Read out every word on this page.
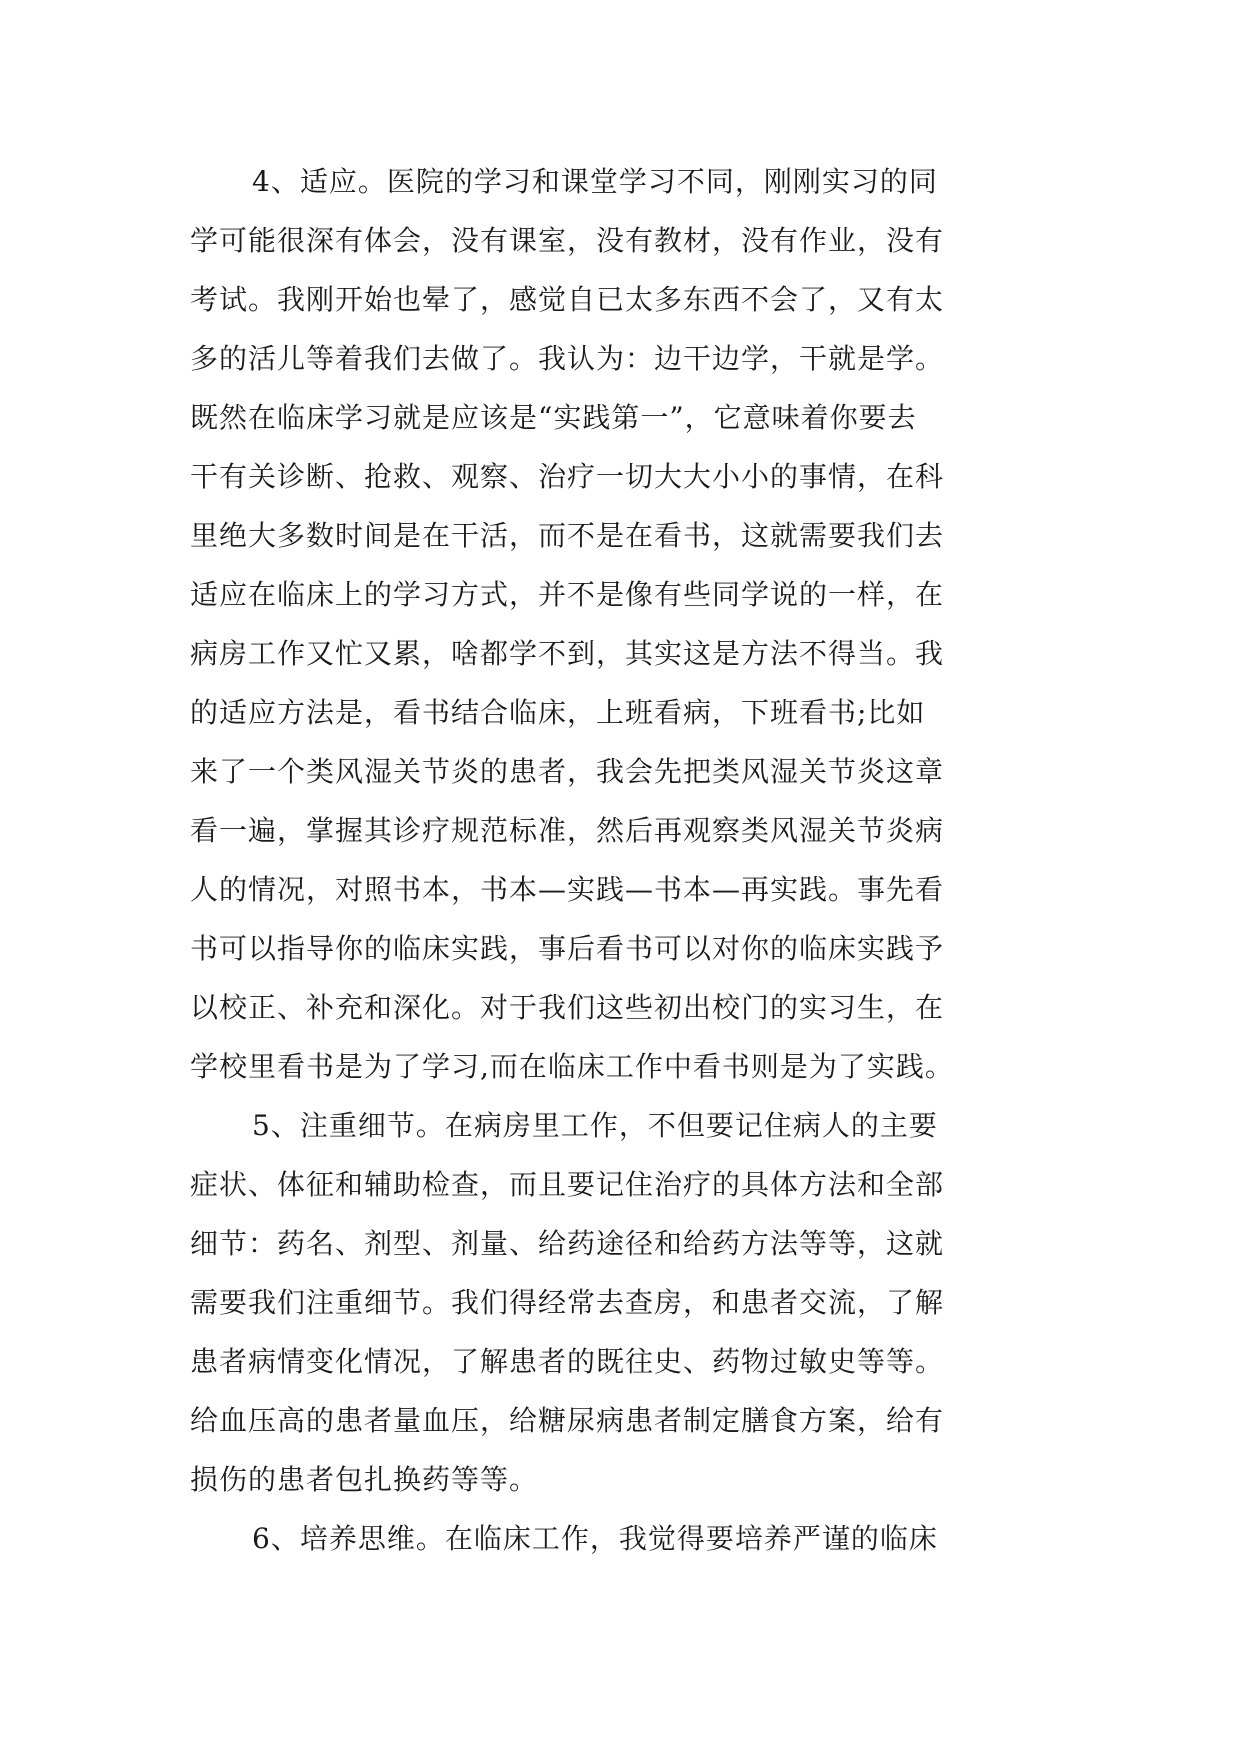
4、适应。医院的学习和课堂学习不同，刚刚实习的同
学可能很深有体会，没有课室，没有教材，没有作业，没有
考试。我刚开始也晕了，感觉自已太多东西不会了，又有太
多的活儿等着我们去做了。我认为：边干边学，干就是学。
既然在临床学习就是应该是“实践第一”，它意味着你要去
干有关诊断、抢救、观察、治疗一切大大小小的事情，在科
里绝大多数时间是在干活，而不是在看书，这就需要我们去
适应在临床上的学习方式，并不是像有些同学说的一样，在
病房工作又忙又累，啥都学不到，其实这是方法不得当。我
的适应方法是，看书结合临床，上班看病，下班看书;比如
来了一个类风湿关节炎的患者，我会先把类风湿关节炎这章
看一遍，掌握其诊疗规范标准，然后再观察类风湿关节炎病
人的情况，对照书本，书本—实践—书本—再实践。事先看
书可以指导你的临床实践，事后看书可以对你的临床实践予
以校正、补充和深化。对于我们这些初出校门的实习生，在
学校里看书是为了学习,而在临床工作中看书则是为了实践。
5、注重细节。在病房里工作，不但要记住病人的主要
症状、体征和辅助检查，而且要记住治疗的具体方法和全部
细节：药名、剂型、剂量、给药途径和给药方法等等，这就
需要我们注重细节。我们得经常去查房，和患者交流，了解
患者病情变化情况，了解患者的既往史、药物过敏史等等。
给血压高的患者量血压，给糖尿病患者制定膳食方案，给有
损伤的患者包扎换药等等。
6、培养思维。在临床工作，我觉得要培养严谨的临床
